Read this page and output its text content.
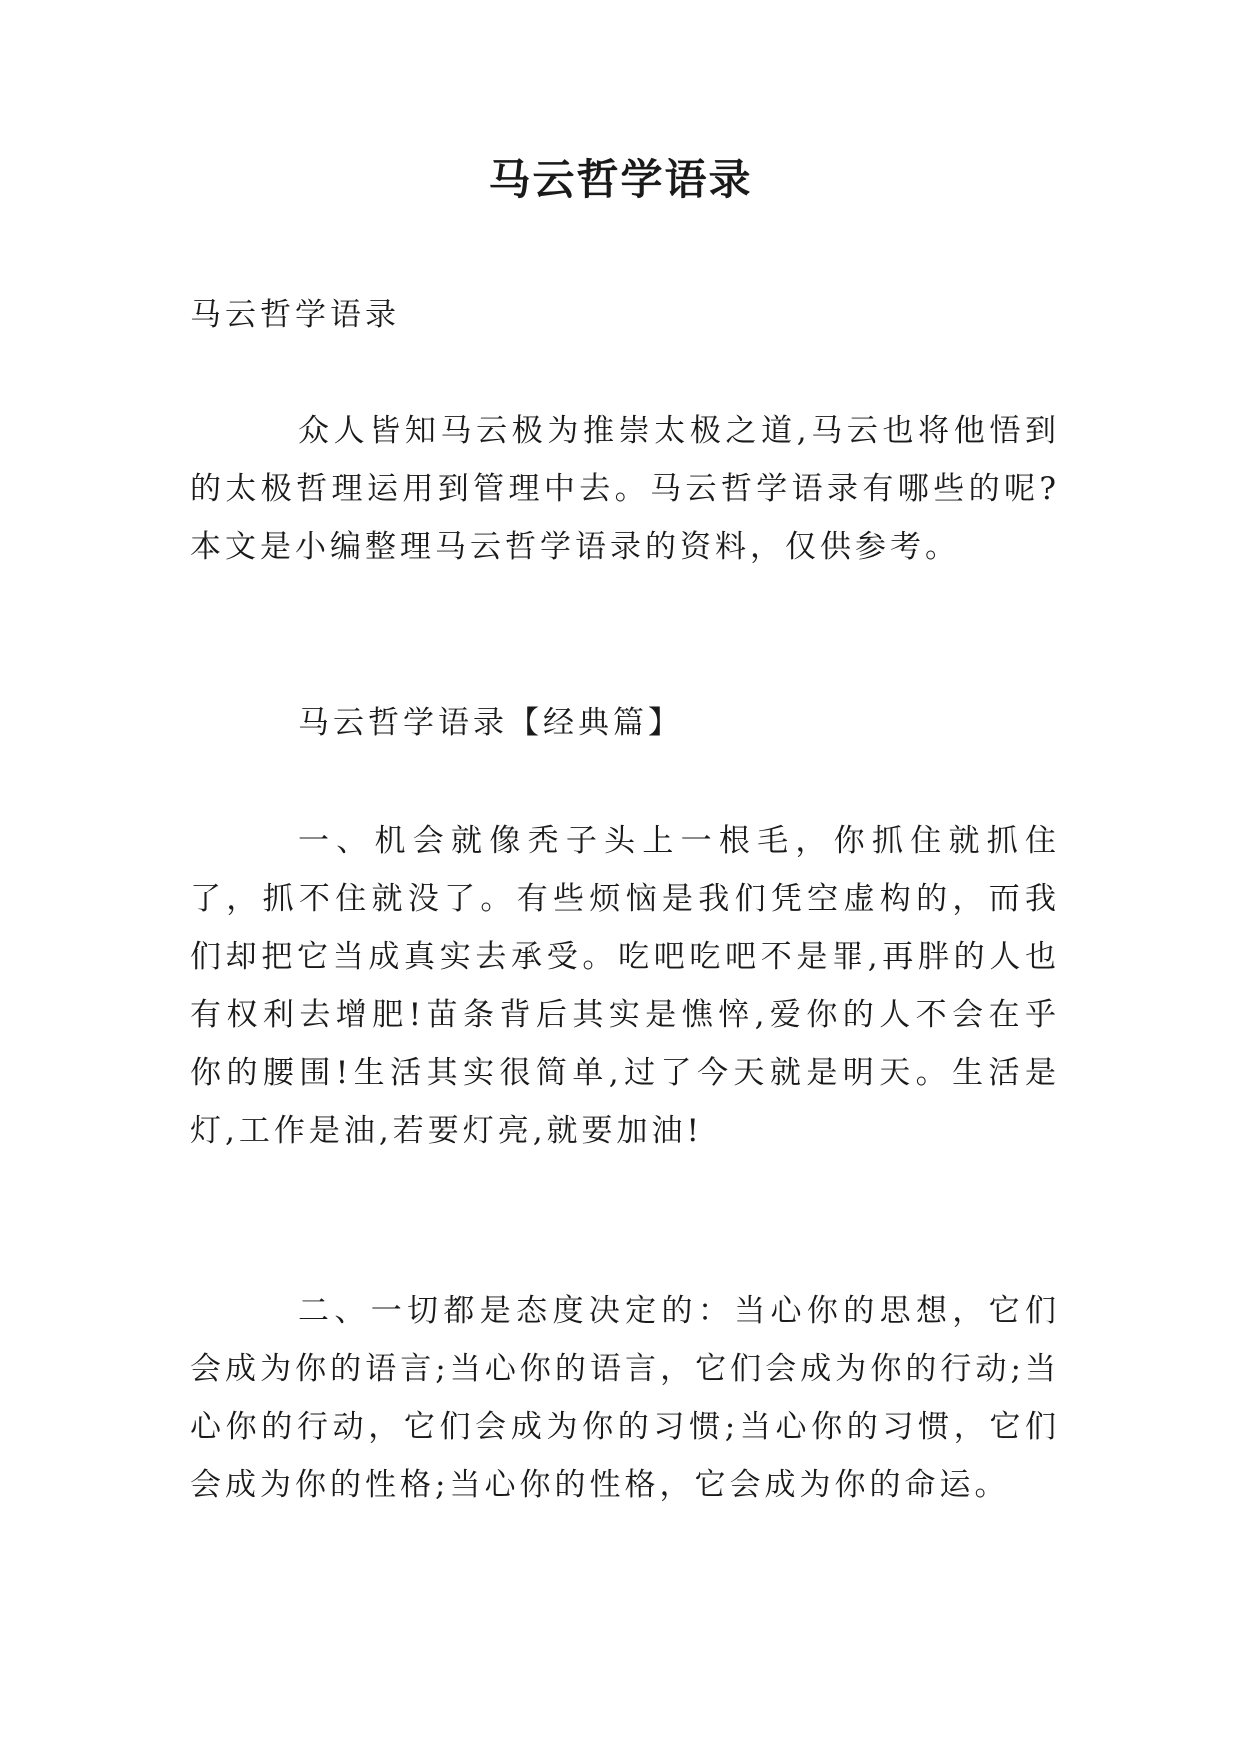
马云哲学语录

马云哲学语录

众人皆知马云极为推崇太极之道,马云也将他悟到的太极哲理运用到管理中去。马云哲学语录有哪些的呢?本文是小编整理马云哲学语录的资料，仅供参考。

马云哲学语录【经典篇】

一、机会就像秃子头上一根毛，你抓住就抓住了，抓不住就没了。有些烦恼是我们凭空虚构的，而我们却把它当成真实去承受。吃吧吃吧不是罪,再胖的人也有权利去增肥!苗条背后其实是憔悴,爱你的人不会在乎你的腰围!生活其实很简单,过了今天就是明天。生活是灯,工作是油,若要灯亮,就要加油!

二、一切都是态度决定的：当心你的思想，它们会成为你的语言;当心你的语言，它们会成为你的行动;当心你的行动，它们会成为你的习惯;当心你的习惯，它们会成为你的性格;当心你的性格，它会成为你的命运。
